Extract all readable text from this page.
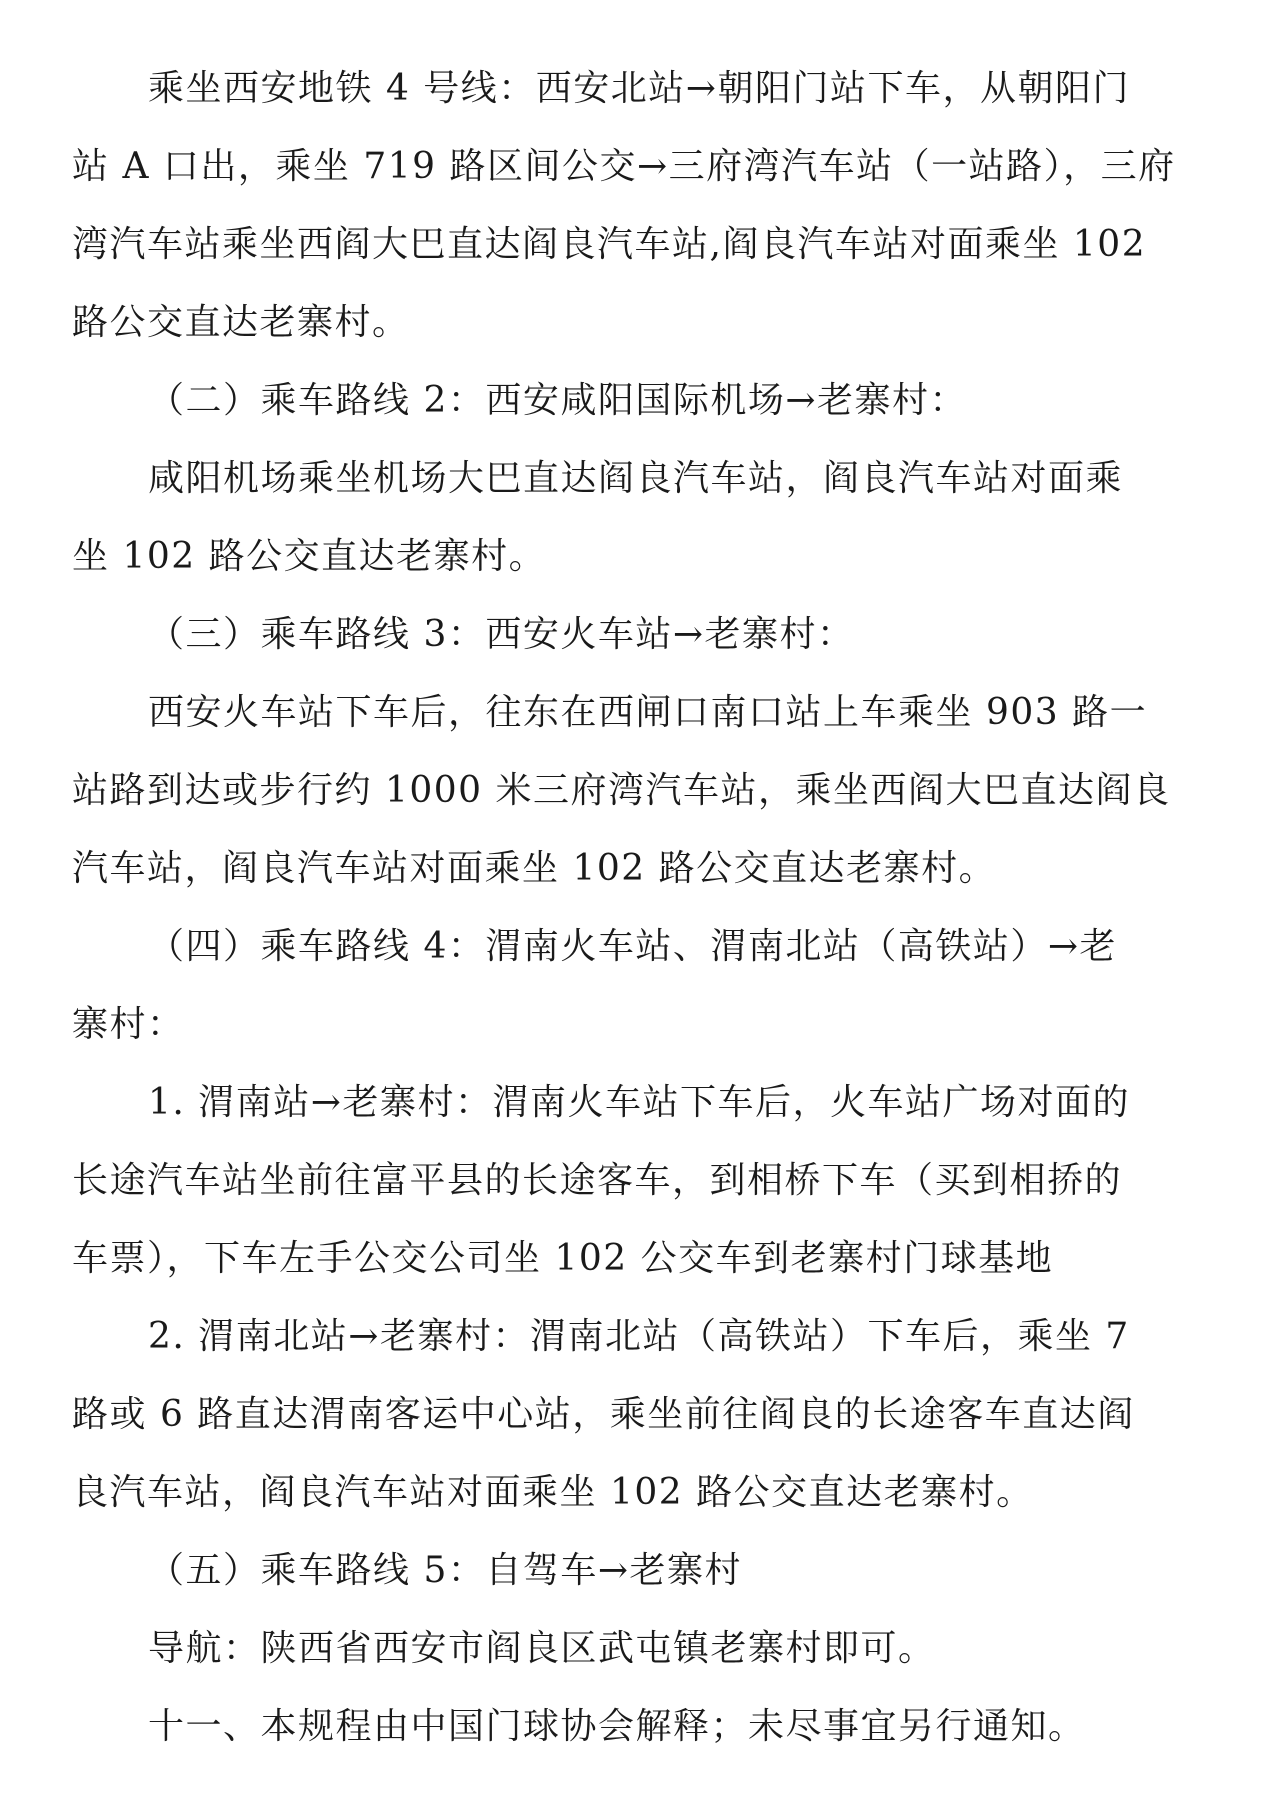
乘坐西安地铁 4 号线：西安北站→朝阳门站下车，从朝阳门
站 A 口出，乘坐 719 路区间公交→三府湾汽车站（一站路），三府
湾汽车站乘坐西阎大巴直达阎良汽车站,阎良汽车站对面乘坐 102
路公交直达老寨村。
（二）乘车路线 2：西安咸阳国际机场→老寨村：
咸阳机场乘坐机场大巴直达阎良汽车站，阎良汽车站对面乘
坐 102 路公交直达老寨村。
（三）乘车路线 3：西安火车站→老寨村：
西安火车站下车后，往东在西闸口南口站上车乘坐 903 路一
站路到达或步行约 1000 米三府湾汽车站，乘坐西阎大巴直达阎良
汽车站，阎良汽车站对面乘坐 102 路公交直达老寨村。
（四）乘车路线 4：渭南火车站、渭南北站（高铁站）→老
寨村：
1. 渭南站→老寨村：渭南火车站下车后，火车站广场对面的
长途汽车站坐前往富平县的长途客车，到相桥下车（买到相挢的
车票），下车左手公交公司坐 102 公交车到老寨村门球基地
2. 渭南北站→老寨村：渭南北站（高铁站）下车后，乘坐 7
路或 6 路直达渭南客运中心站，乘坐前往阎良的长途客车直达阎
良汽车站，阎良汽车站对面乘坐 102 路公交直达老寨村。
（五）乘车路线 5：自驾车→老寨村
导航：陕西省西安市阎良区武屯镇老寨村即可。
十一、本规程由中国门球协会解释；未尽事宜另行通知。
